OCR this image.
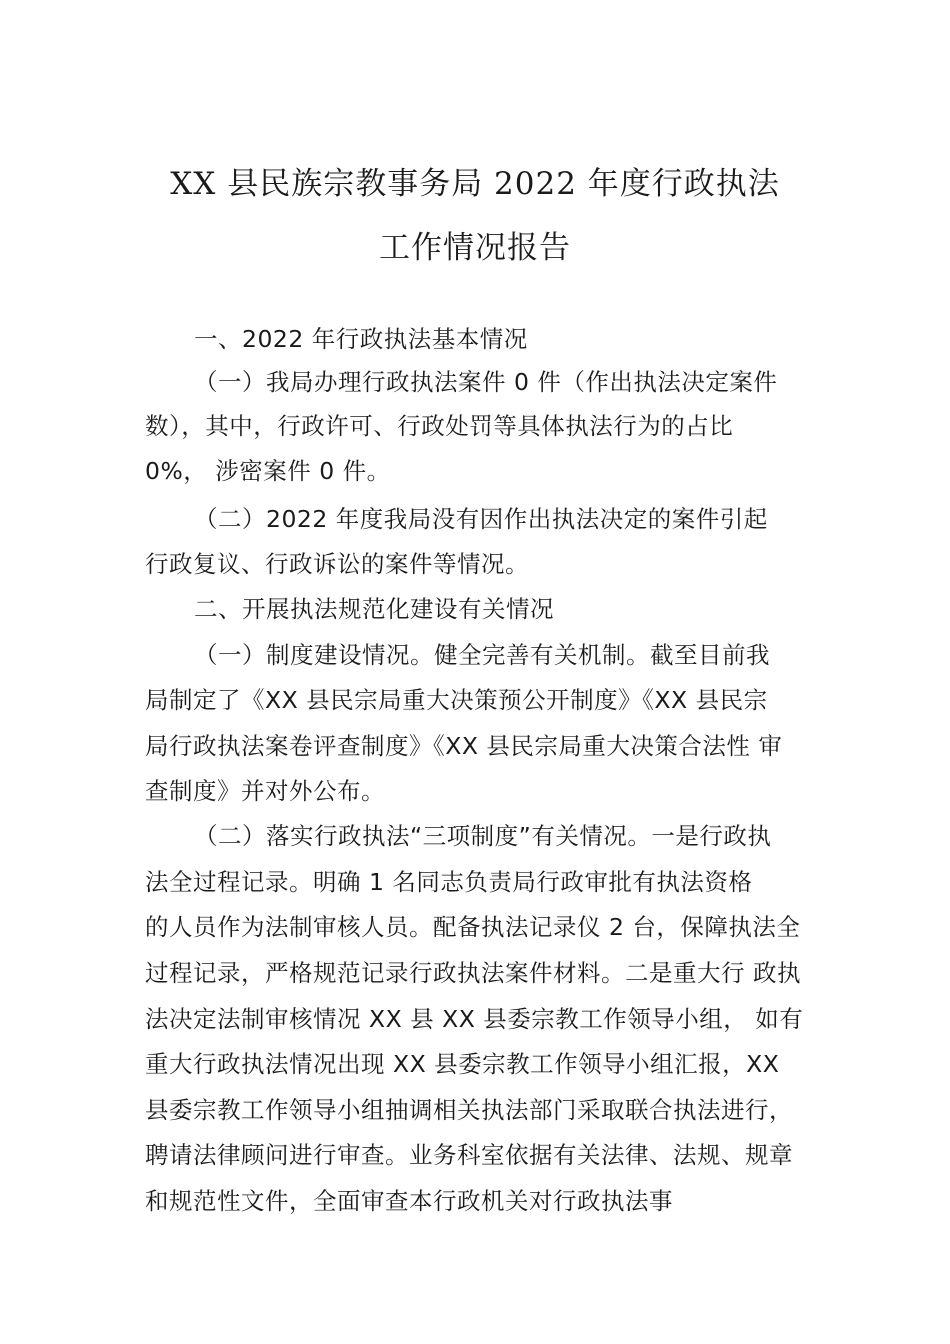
XX 县民族宗教事务局 2022 年度行政执法
工作情况报告
一、2022 年行政执法基本情况
（一）我局办理行政执法案件 0 件（作出执法决定案件
数），其中，行政许可、行政处罚等具体执法行为的占比
0%， 涉密案件 0 件。
（二）2022 年度我局没有因作出执法决定的案件引起
行政复议、行政诉讼的案件等情况。
二、开展执法规范化建设有关情况
（一）制度建设情况。健全完善有关机制。截至目前我
局制定了《XX 县民宗局重大决策预公开制度》《XX 县民宗
局行政执法案卷评查制度》《XX 县民宗局重大决策合法性 审
查制度》并对外公布。
（二）落实行政执法“三项制度”有关情况。一是行政执
法全过程记录。明确 1 名同志负责局行政审批有执法资格
的人员作为法制审核人员。配备执法记录仪 2 台，保障执法全
过程记录，严格规范记录行政执法案件材料。二是重大行 政执
法决定法制审核情况 XX 县 XX 县委宗教工作领导小组， 如有
重大行政执法情况出现 XX 县委宗教工作领导小组汇报，XX
县委宗教工作领导小组抽调相关执法部门采取联合执法进行，
聘请法律顾问进行审查。业务科室依据有关法律、法规、规章
和规范性文件，全面审查本行政机关对行政执法事
